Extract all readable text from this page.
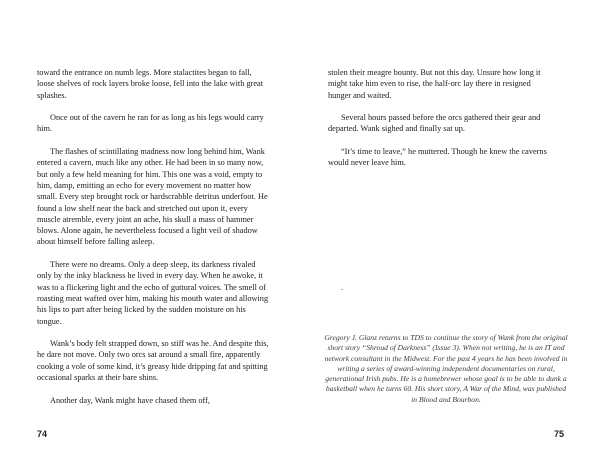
toward the entrance on numb legs. More stalactites began to fall, loose shelves of rock layers broke loose, fell into the lake with great splashes.

Once out of the cavern he ran for as long as his legs would carry him.

The flashes of scintillating madness now long behind him, Wank entered a cavern, much like any other. He had been in so many now, but only a few held meaning for him. This one was a void, empty to him, damp, emitting an echo for every movement no matter how small. Every step brought rock or hardscrabble detritus underfoot. He found a low shelf near the back and stretched out upon it, every muscle atremble, every joint an ache, his skull a mass of hammer blows. Alone again, he nevertheless focused a light veil of shadow about himself before falling asleep.

There were no dreams. Only a deep sleep, its darkness rivaled only by the inky blackness he lived in every day. When he awoke, it was to a flickering light and the echo of guttural voices. The smell of roasting meat wafted over him, making his mouth water and allowing his lips to part after being licked by the sudden moisture on his tongue.

Wank’s body felt strapped down, so stiff was he. And despite this, he dare not move. Only two orcs sat around a small fire, apparently cooking a vole of some kind, it’s greasy hide dripping fat and spitting occasional sparks at their bare shins.

Another day, Wank might have chased them off,

74

stolen their meagre bounty. But not this day. Unsure how long it might take him even to rise, the half-orc lay there in resigned hunger and waited.

Several hours passed before the orcs gathered their gear and departed. Wank sighed and finally sat up.

“It’s time to leave,” he muttered. Though he knew the caverns would never leave him.

.

Gregory J. Glanz returns to TDS to continue the story of Wank from the original short story “Shroud of Darkness” (Issue 3). When not writing, he is an IT and network consultant in the Midwest. For the past 4 years he has been involved in writing a series of award-winning independent documentaries on rural, generational Irish pubs. He is a homebrewer whose goal is to be able to dunk a basketball when he turns 60. His short story, A War of the Mind, was published in Blood and Bourbon.

75
